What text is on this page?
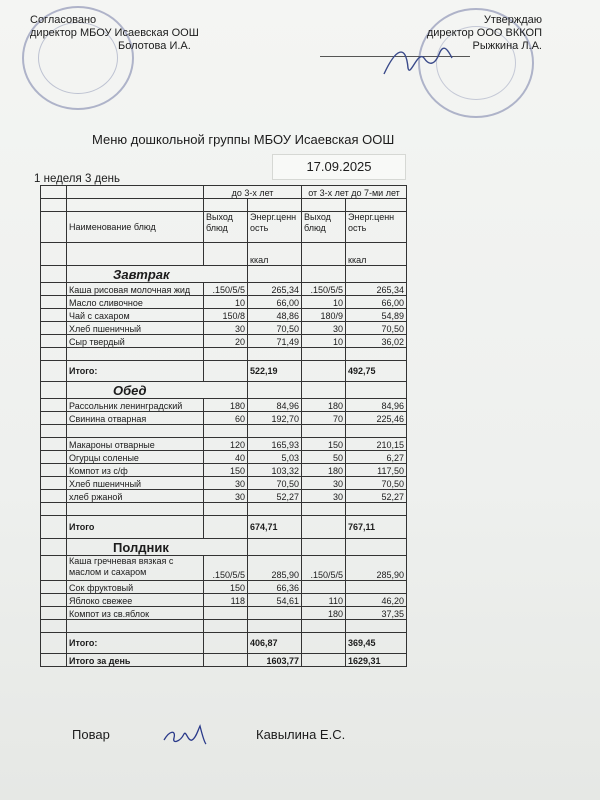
Согласовано
директор МБОУ Исаевская ООШ
Болотова И.А.
Утверждаю
директор ООО ВККОП
Рыжкина Л.А.
Меню дошкольной группы МБОУ Исаевская ООШ
17.09.2025
1 неделя 3 день
		до 3-х лет		от 3-х лет до 7-ми лет	

	Наименование блюд	Выход блюд	Энерг.ценн ость	Выход блюд	Энерг.ценн ость
			ккал		ккал
	Завтрак				
	Каша рисовая молочная жид	.150/5/5	265,34	.150/5/5	265,34
	Масло сливочное	10	66,00	10	66,00
	Чай с сахаром	150/8	48,86	180/9	54,89
	Хлеб пшеничный	30	70,50	30	70,50
	Сыр твердый	20	71,49	10	36,02

	Итого:		522,19		492,75
	Обед				
	Рассольник ленинградский	180	84,96	180	84,96
	Свинина отварная	60	192,70	70	225,46

	Макароны отварные	120	165,93	150	210,15
	Огурцы соленые	40	5,03	50	6,27
	Компот из с/ф	150	103,32	180	117,50
	Хлеб пшеничный	30	70,50	30	70,50
	хлеб ржаной	30	52,27	30	52,27

	Итого		674,71		767,11
	Полдник				
	Каша гречневая вязкая с маслом и сахаром	.150/5/5	285,90	.150/5/5	285,90
	Сок фруктовый	150	66,36		
	Яблоко свежее	118	54,61	110	46,20
	Компот из св.яблок			180	37,35

	Итого:		406,87		369,45
	Итого за день		1603,77		1629,31
Повар	Кавылина Е.С.
